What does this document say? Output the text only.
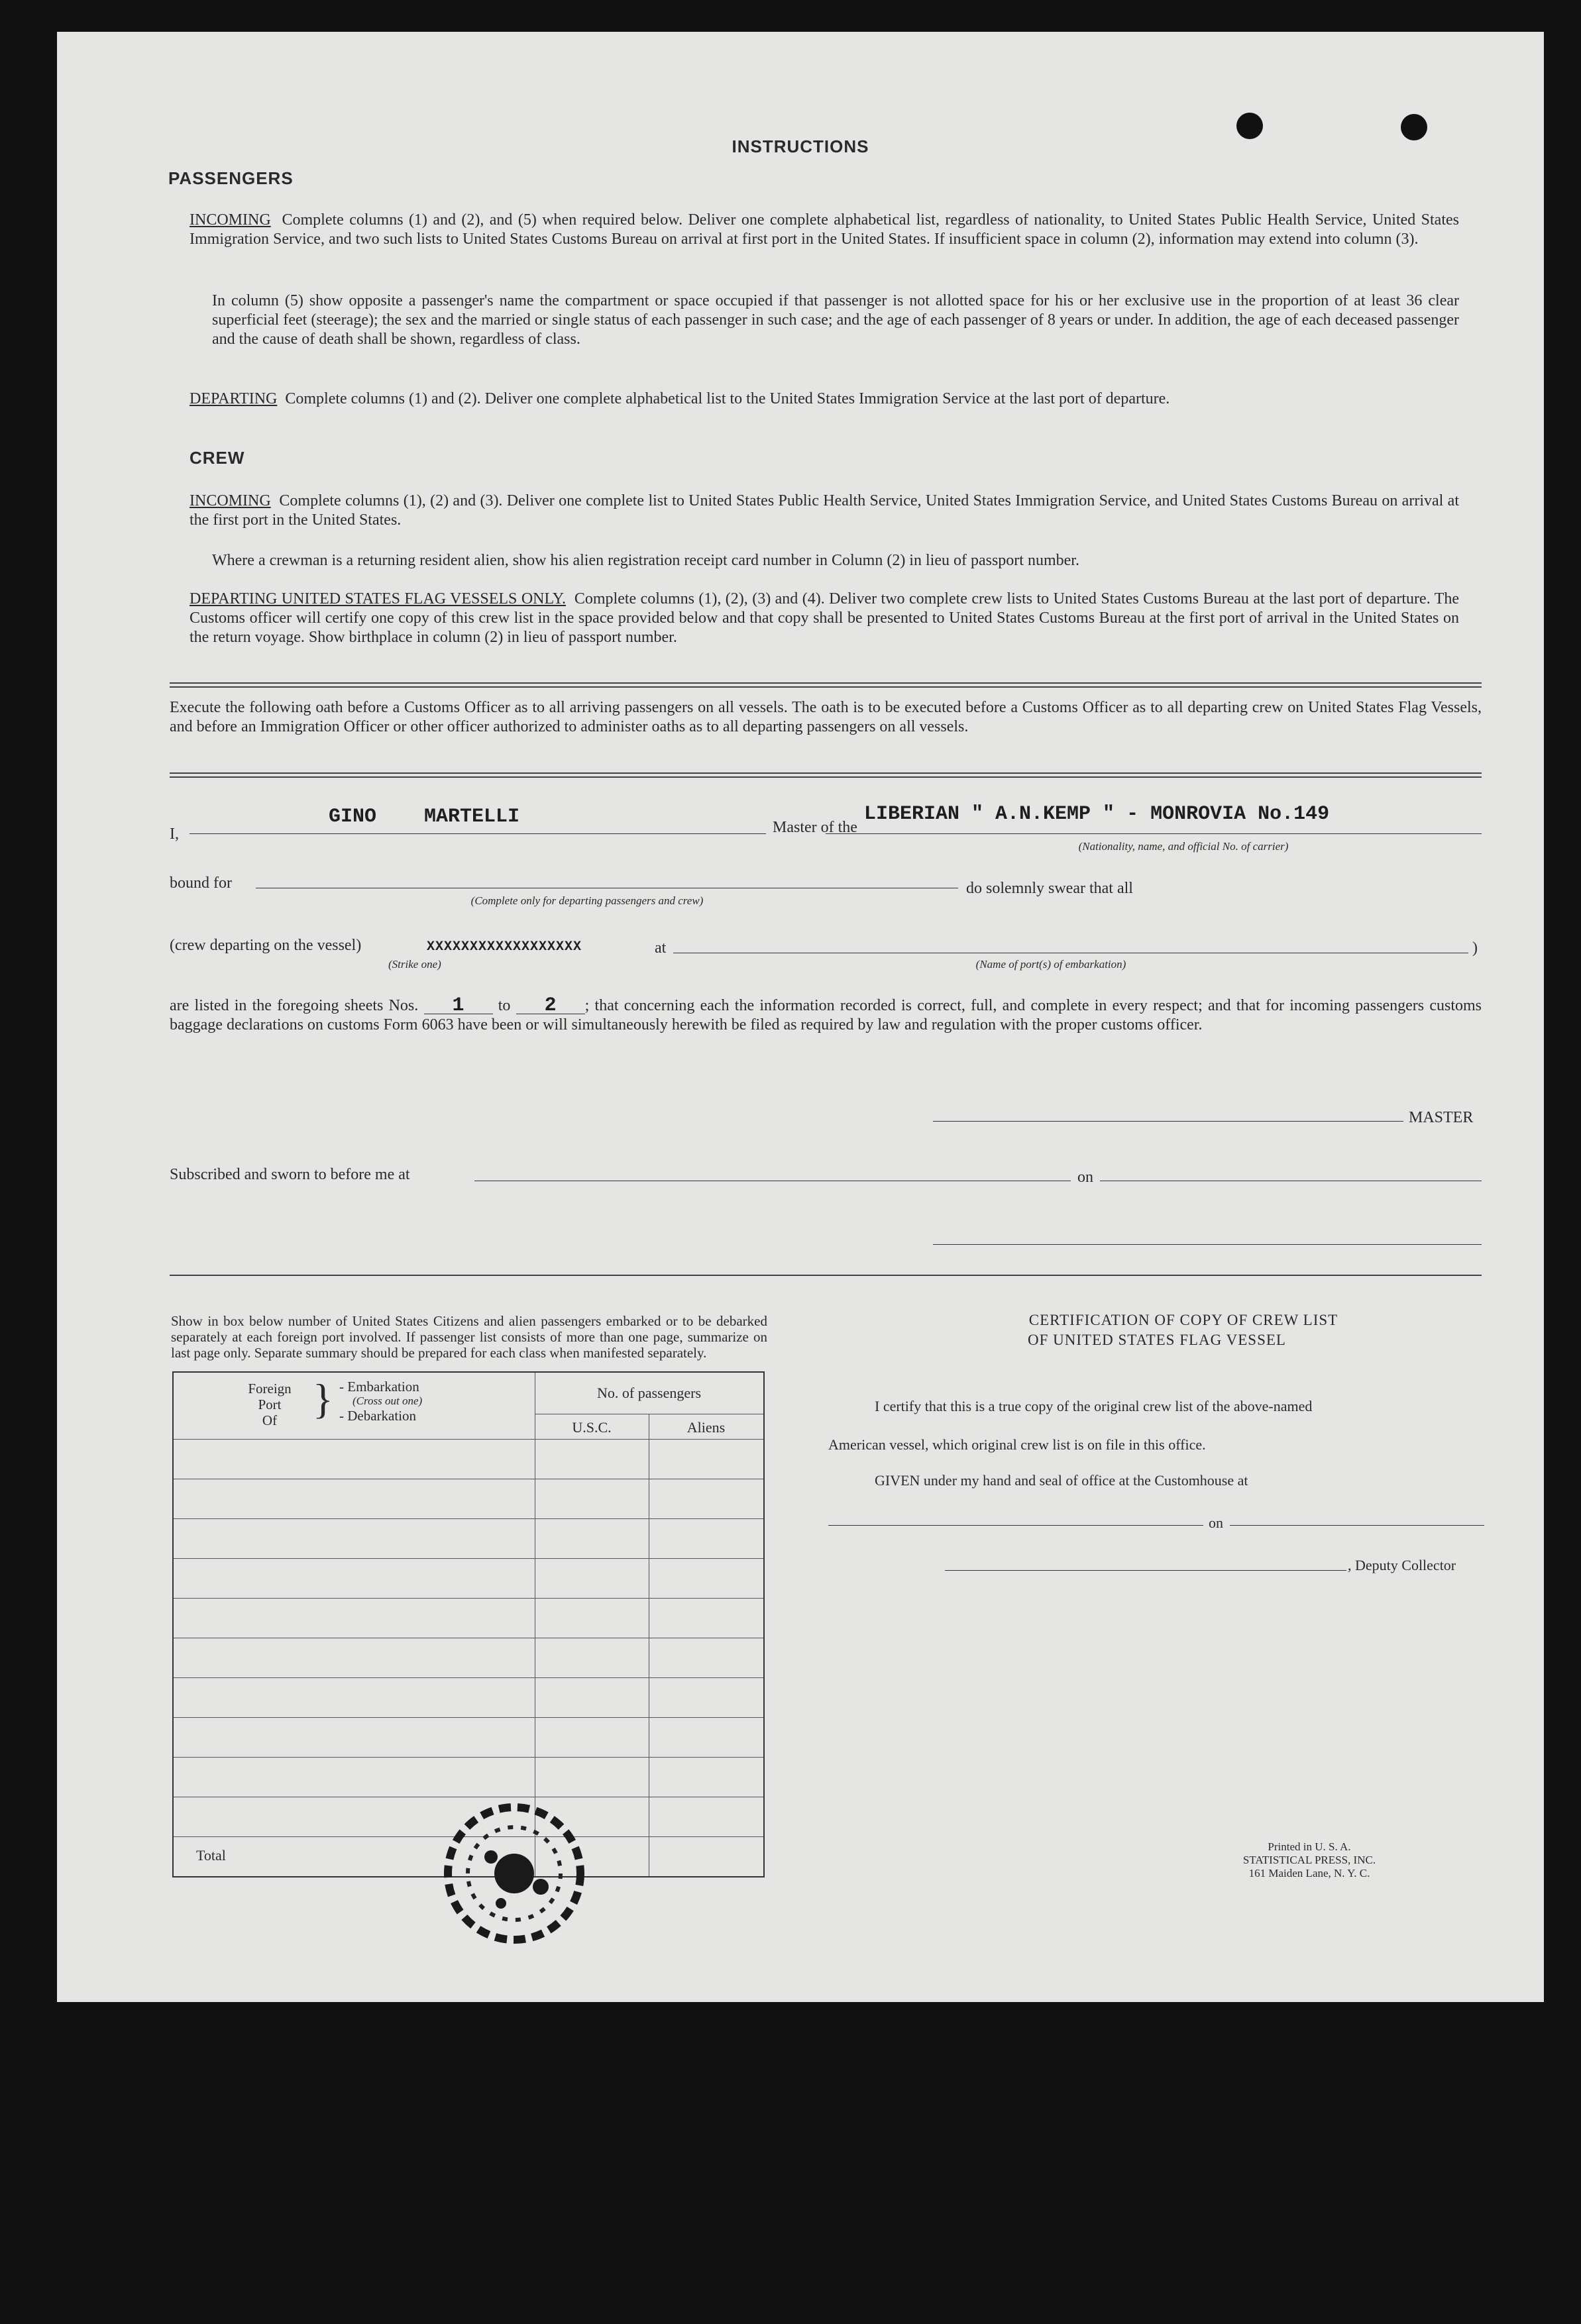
INSTRUCTIONS
PASSENGERS
INCOMING Complete columns (1) and (2), and (5) when required below. Deliver one complete alphabetical list, regardless of nationality, to United States Public Health Service, United States Immigration Service, and two such lists to United States Customs Bureau on arrival at first port in the United States. If insufficient space in column (2), information may extend into column (3).
In column (5) show opposite a passenger's name the compartment or space occupied if that passenger is not allotted space for his or her exclusive use in the proportion of at least 36 clear superficial feet (steerage); the sex and the married or single status of each passenger in such case; and the age of each passenger of 8 years or under. In addition, the age of each deceased passenger and the cause of death shall be shown, regardless of class.
DEPARTING Complete columns (1) and (2). Deliver one complete alphabetical list to the United States Immigration Service at the last port of departure.
CREW
INCOMING Complete columns (1), (2) and (3). Deliver one complete list to United States Public Health Service, United States Immigration Service, and United States Customs Bureau on arrival at the first port in the United States.
Where a crewman is a returning resident alien, show his alien registration receipt card number in Column (2) in lieu of passport number.
DEPARTING UNITED STATES FLAG VESSELS ONLY. Complete columns (1), (2), (3) and (4). Deliver two complete crew lists to United States Customs Bureau at the last port of departure. The Customs officer will certify one copy of this crew list in the space provided below and that copy shall be presented to United States Customs Bureau at the first port of arrival in the United States on the return voyage. Show birthplace in column (2) in lieu of passport number.
Execute the following oath before a Customs Officer as to all arriving passengers on all vessels. The oath is to be executed before a Customs Officer as to all departing crew on United States Flag Vessels, and before an Immigration Officer or other officer authorized to administer oaths as to all departing passengers on all vessels.
I,
GINO    MARTELLI	Master of the
LIBERIAN " A.N.KEMP " - MONROVIA No.149
(Nationality, name, and official No. of carrier)
bound for
(Complete only for departing passengers and crew)
do solemnly swear that all
(crew departing on the vessel)	XXXXXXXXXXXXXXXXXX
(Strike one)
at	)
(Name of port(s) of embarkation)
are listed in the foregoing sheets Nos. 1 to 2 ; that concerning each the information recorded is correct, full, and complete in every respect; and that for incoming passengers customs baggage declarations on customs Form 6063 have been or will simultaneously herewith be filed as required by law and regulation with the proper customs officer.
MASTER
Subscribed and sworn to before me at	on
Show in box below number of United States Citizens and alien passengers embarked or to be debarked separately at each foreign port involved. If passenger list consists of more than one page, summarize on last page only. Separate summary should be prepared for each class when manifested separately.
Foreign
Port
Of } - Embarkation
(Cross out one)
- Debarkation
No. of passengers
U.S.C.	Aliens
Total
CERTIFICATION OF COPY OF CREW LIST
OF UNITED STATES FLAG VESSEL
I certify that this is a true copy of the original crew list of the above-named
American vessel, which original crew list is on file in this office.
GIVEN under my hand and seal of office at the Customhouse at
on
, Deputy Collector
Printed in U. S. A.
STATISTICAL PRESS, INC.
161 Maiden Lane, N. Y. C.
